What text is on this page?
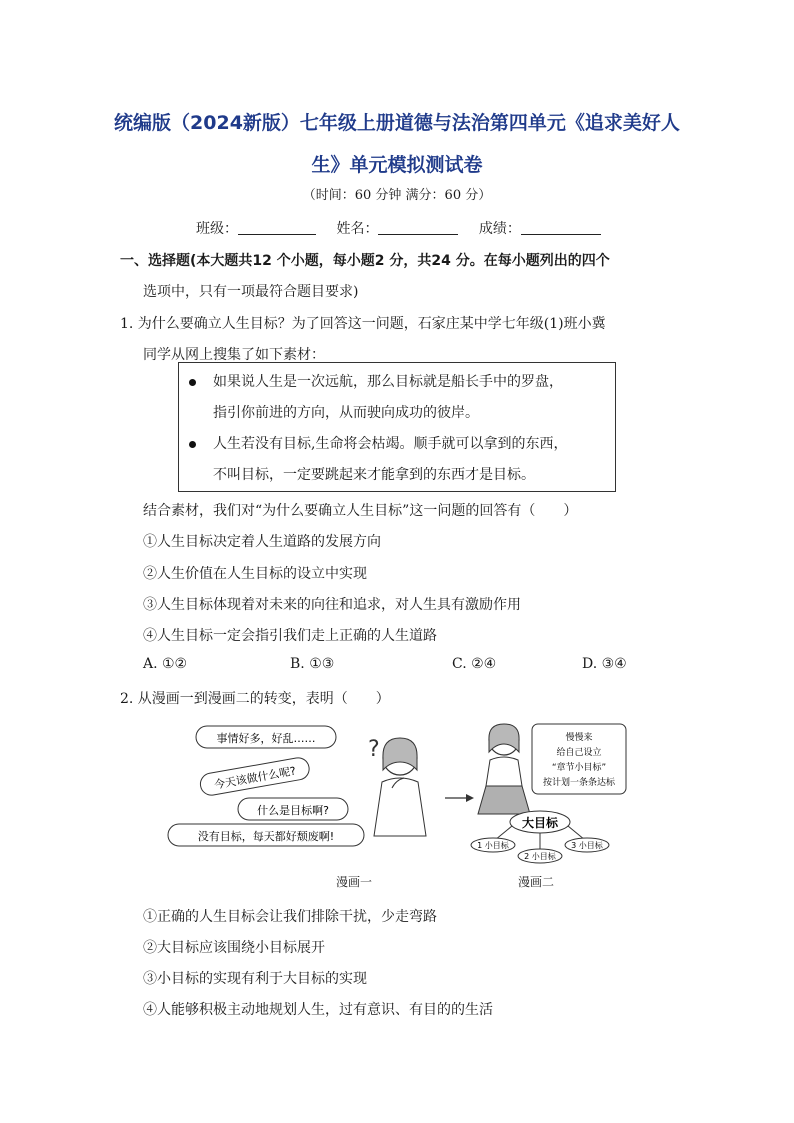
统编版（2024新版）七年级上册道德与法治第四单元《追求美好人
生》单元模拟测试卷
（时间：60 分钟 满分：60 分）
班级：	姓名：	成绩：
一、选择题(本大题共12 个小题，每小题2 分，共24 分。在每小题列出的四个
选项中，只有一项最符合题目要求)
1. 为什么要确立人生目标？为了回答这一问题，石家庄某中学七年级(1)班小冀
同学从网上搜集了如下素材：
如果说人生是一次远航，那么目标就是船长手中的罗盘，
指引你前进的方向，从而驶向成功的彼岸。
人生若没有目标,生命将会枯竭。顺手就可以拿到的东西，
不叫目标，一定要跳起来才能拿到的东西才是目标。
结合素材，我们对“为什么要确立人生目标”这一问题的回答有（　　）
①人生目标决定着人生道路的发展方向
②人生价值在人生目标的设立中实现
③人生目标体现着对未来的向往和追求，对人生具有激励作用
④人生目标一定会指引我们走上正确的人生道路
A. ①②	B. ①③	C. ②④	D. ③④
2. 从漫画一到漫画二的转变，表明（　　）
事情好多，好乱……
今天该做什么呢?
什么是目标啊?
没有目标，每天都好颓废啊!
?	慢慢来
给自己设立
“章节小目标”
按计划一条条达标
大目标
1 小目标
2 小目标
3 小目标
漫画一	漫画二
①正确的人生目标会让我们排除干扰，少走弯路
②大目标应该围绕小目标展开
③小目标的实现有利于大目标的实现
④人能够积极主动地规划人生，过有意识、有目的的生活
